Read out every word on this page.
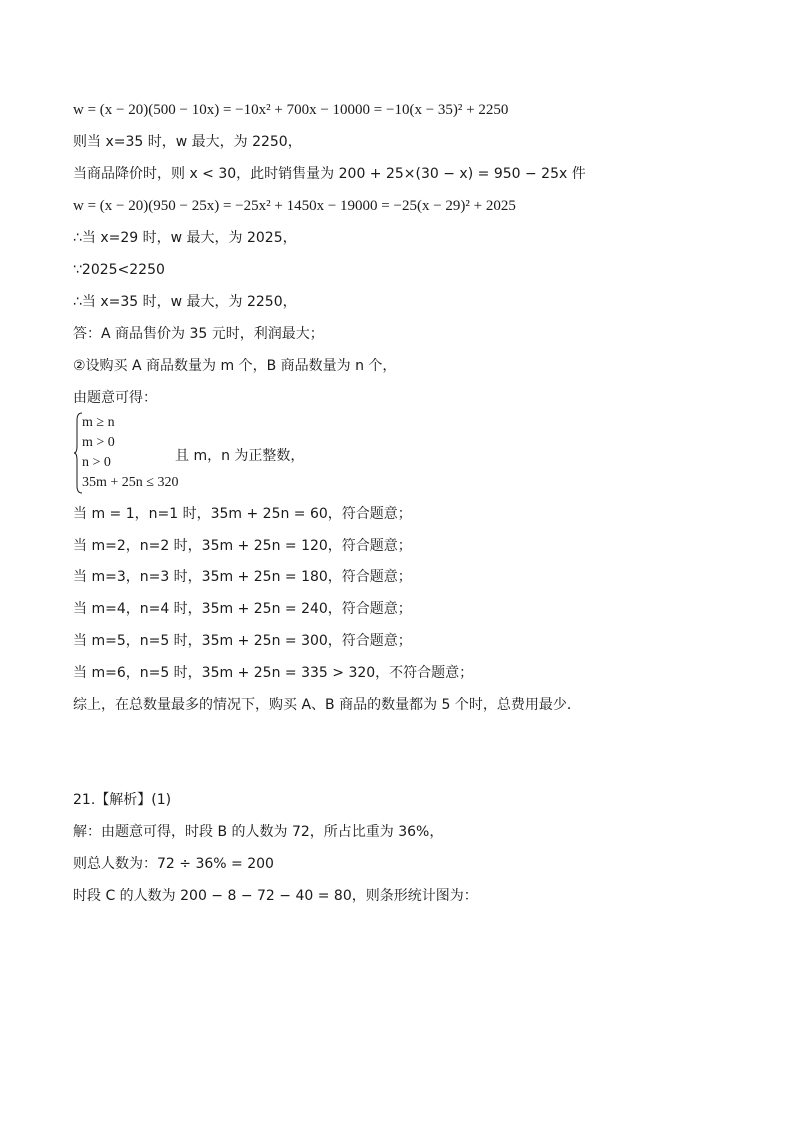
w = (x − 20)(500 − 10x) = −10x² + 700x − 10000 = −10(x − 35)² + 2250
则当 x=35 时，w 最大，为 2250，
当商品降价时，则 x < 30，此时销售量为 200 + 25×(30 − x) = 950 − 25x 件
w = (x − 20)(950 − 25x) = −25x² + 1450x − 19000 = −25(x − 29)² + 2025
∴当 x=29 时，w 最大，为 2025，
∵2025<2250
∴当 x=35 时，w 最大，为 2250，
答：A 商品售价为 35 元时，利润最大；
②设购买 A 商品数量为 m 个，B 商品数量为 n 个，
由题意可得：
m ≥ n
m > 0
n > 0
35m + 25n ≤ 320
且 m，n 为正整数，
当 m = 1，n=1 时，35m + 25n = 60，符合题意；
当 m=2，n=2 时，35m + 25n = 120，符合题意；
当 m=3，n=3 时，35m + 25n = 180，符合题意；
当 m=4，n=4 时，35m + 25n = 240，符合题意；
当 m=5，n=5 时，35m + 25n = 300，符合题意；
当 m=6，n=5 时，35m + 25n = 335 > 320，不符合题意；
综上，在总数量最多的情况下，购买 A、B 商品的数量都为 5 个时，总费用最少．
21.【解析】(1)
解：由题意可得，时段 B 的人数为 72，所占比重为 36%，
则总人数为：72 ÷ 36% = 200
时段 C 的人数为 200 − 8 − 72 − 40 = 80，则条形统计图为：
